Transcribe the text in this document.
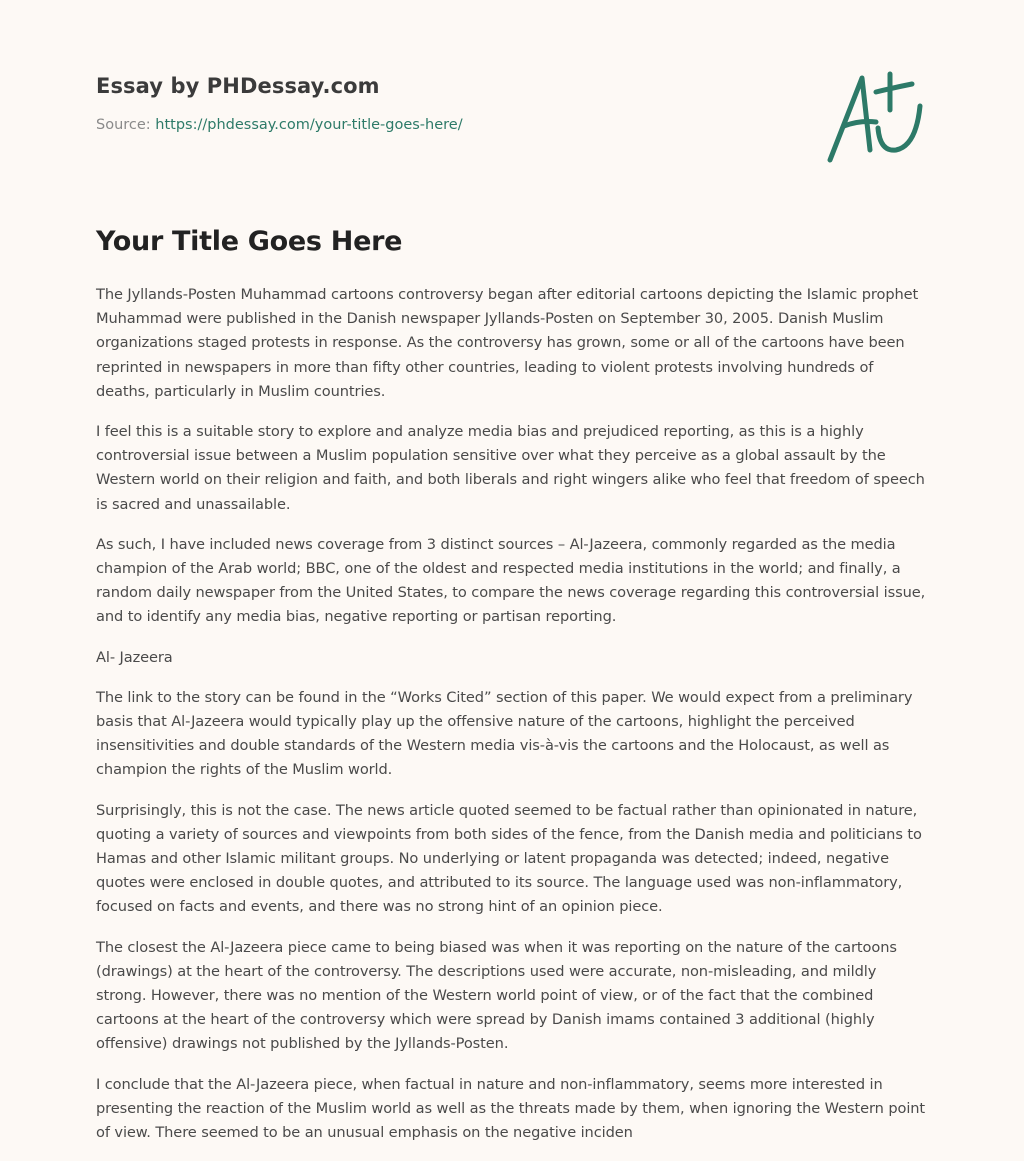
Essay by PHDessay.com
Source: https://phdessay.com/your-title-goes-here/
Your Title Goes Here

The Jyllands-Posten Muhammad cartoons controversy began after editorial cartoons depicting the Islamic prophet Muhammad were published in the Danish newspaper Jyllands-Posten on September 30, 2005. Danish Muslim organizations staged protests in response. As the controversy has grown, some or all of the cartoons have been reprinted in newspapers in more than fifty other countries, leading to violent protests involving hundreds of deaths, particularly in Muslim countries.

I feel this is a suitable story to explore and analyze media bias and prejudiced reporting, as this is a highly controversial issue between a Muslim population sensitive over what they perceive as a global assault by the Western world on their religion and faith, and both liberals and right wingers alike who feel that freedom of speech is sacred and unassailable.

As such, I have included news coverage from 3 distinct sources – Al-Jazeera, commonly regarded as the media champion of the Arab world; BBC, one of the oldest and respected media institutions in the world; and finally, a random daily newspaper from the United States, to compare the news coverage regarding this controversial issue, and to identify any media bias, negative reporting or partisan reporting.

Al- Jazeera

The link to the story can be found in the “Works Cited” section of this paper. We would expect from a preliminary basis that Al-Jazeera would typically play up the offensive nature of the cartoons, highlight the perceived insensitivities and double standards of the Western media vis-à-vis the cartoons and the Holocaust, as well as champion the rights of the Muslim world.

Surprisingly, this is not the case. The news article quoted seemed to be factual rather than opinionated in nature, quoting a variety of sources and viewpoints from both sides of the fence, from the Danish media and politicians to Hamas and other Islamic militant groups. No underlying or latent propaganda was detected; indeed, negative quotes were enclosed in double quotes, and attributed to its source. The language used was non-inflammatory, focused on facts and events, and there was no strong hint of an opinion piece.

The closest the Al-Jazeera piece came to being biased was when it was reporting on the nature of the cartoons (drawings) at the heart of the controversy. The descriptions used were accurate, non-misleading, and mildly strong. However, there was no mention of the Western world point of view, or of the fact that the combined cartoons at the heart of the controversy which were spread by Danish imams contained 3 additional (highly offensive) drawings not published by the Jyllands-Posten.

I conclude that the Al-Jazeera piece, when factual in nature and non-inflammatory, seems more interested in presenting the reaction of the Muslim world as well as the threats made by them, when ignoring the Western point of view. There seemed to be an unusual emphasis on the negative inciden
